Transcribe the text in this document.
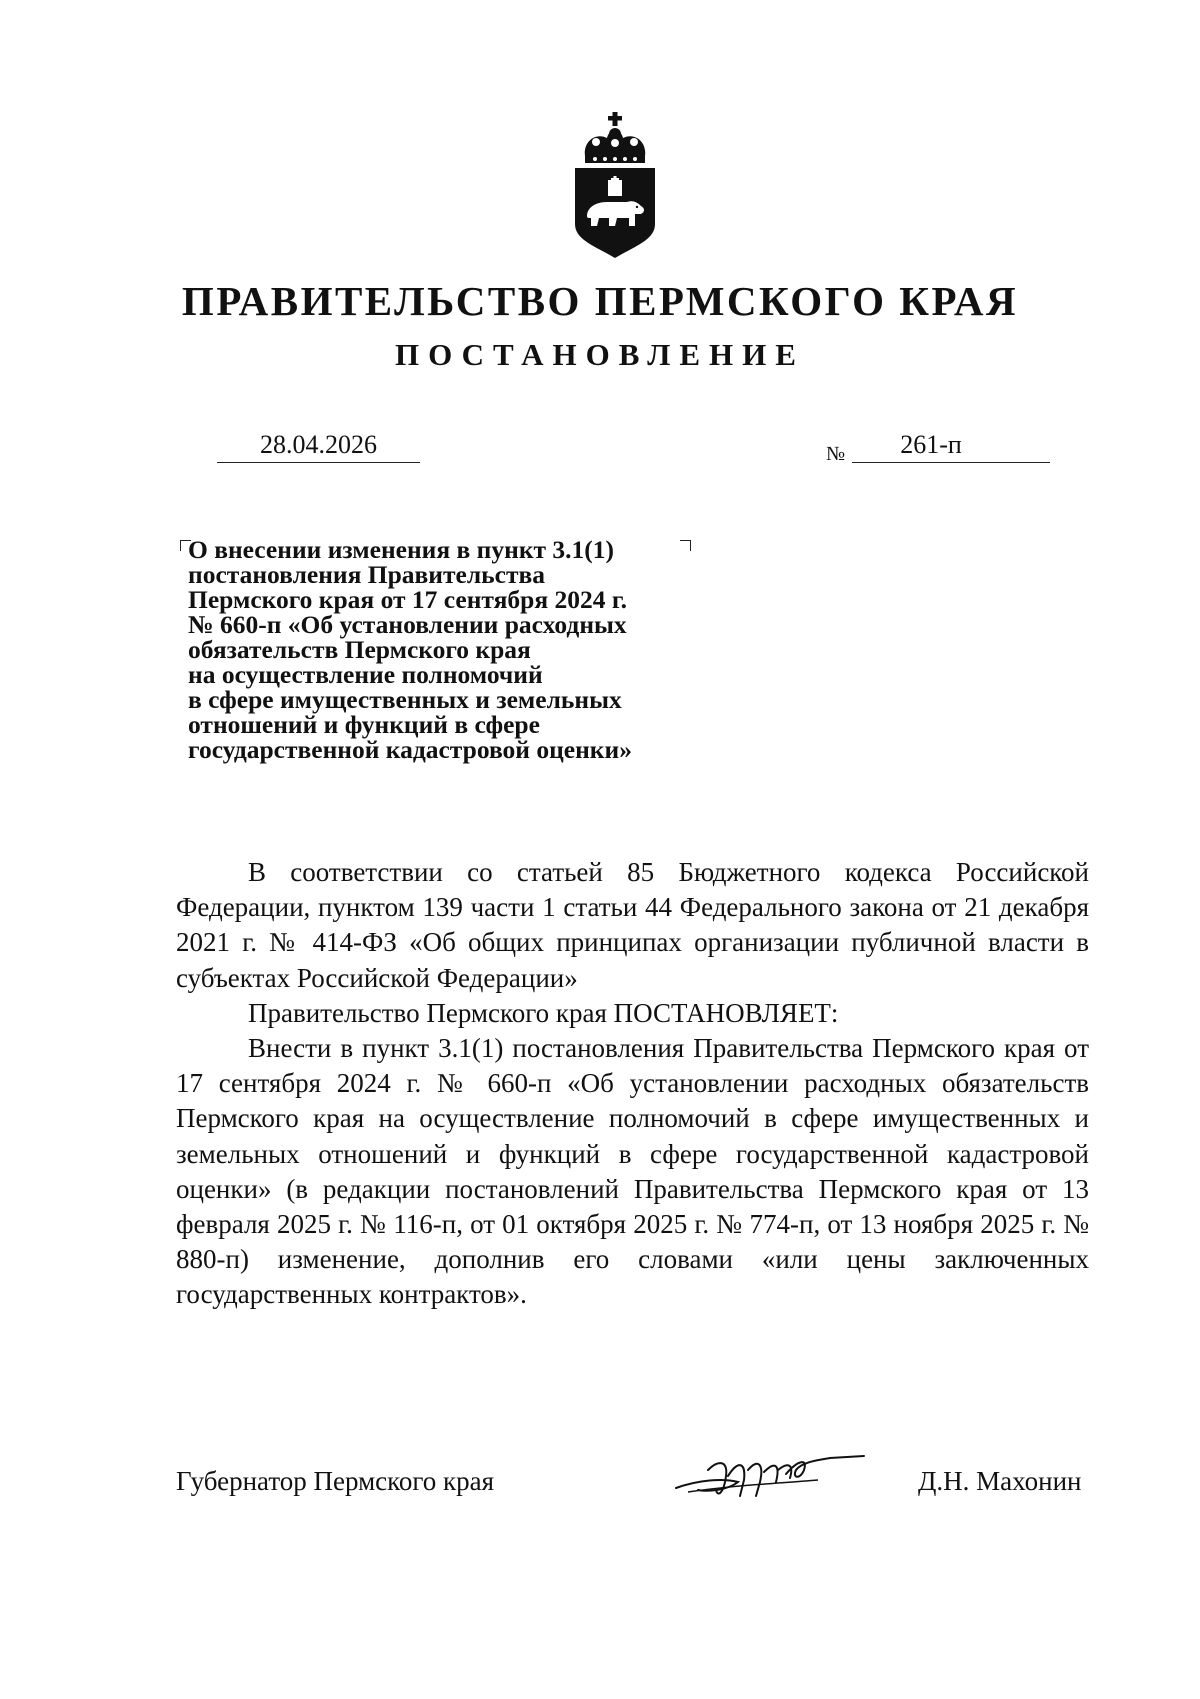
ПРАВИТЕЛЬСТВО ПЕРМСКОГО КРАЯ
ПОСТАНОВЛЕНИЕ
28.04.2026	№	261-п
О внесении изменения в пункт 3.1(1)
постановления Правительства
Пермского края от 17 сентября 2024 г.
№ 660-п «Об установлении расходных
обязательств Пермского края
на осуществление полномочий
в сфере имущественных и земельных
отношений и функций в сфере
государственной кадастровой оценки»

В соответствии со статьей 85 Бюджетного кодекса Российской Федерации, пунктом 139 части 1 статьи 44 Федерального закона от 21 декабря 2021 г. № 414-ФЗ «Об общих принципах организации публичной власти в субъектах Российской Федерации»

Правительство Пермского края ПОСТАНОВЛЯЕТ:

Внести в пункт 3.1(1) постановления Правительства Пермского края от 17 сентября 2024 г. № 660-п «Об установлении расходных обязательств Пермского края на осуществление полномочий в сфере имущественных и земельных отношений и функций в сфере государственной кадастровой оценки» (в редакции постановлений Правительства Пермского края от 13 февраля 2025 г. № 116-п, от 01 октября 2025 г. № 774-п, от 13 ноября 2025 г. № 880-п) изменение, дополнив его словами «или цены заключенных государственных контрактов».

Губернатор Пермского края	Д.Н. Махонин
